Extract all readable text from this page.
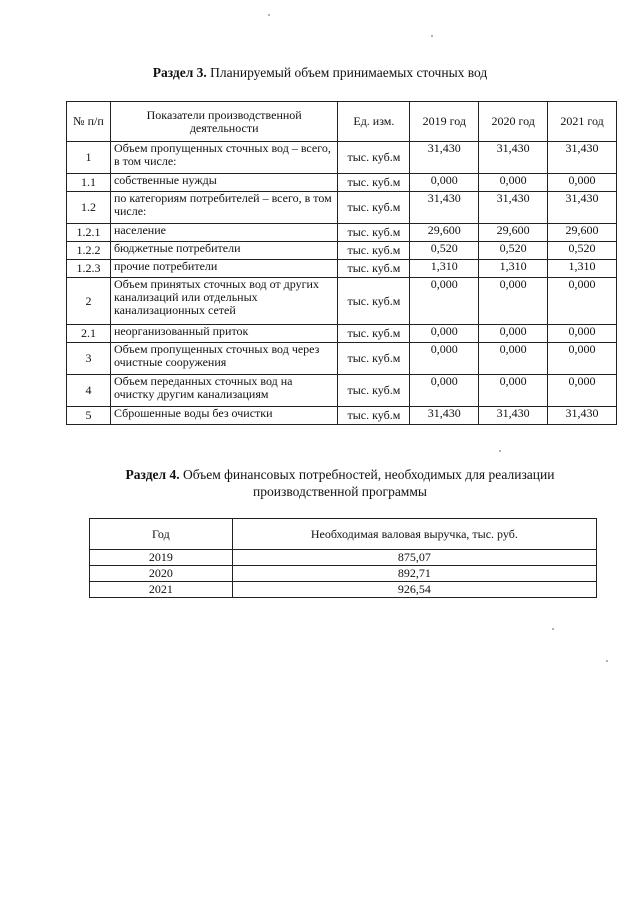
Раздел 3. Планируемый объем принимаемых сточных вод
№ п/п	Показатели производственной деятельности	Ед. изм.	2019 год	2020 год	2021 год
1	Объем пропущенных сточных вод – всего, в том числе:	тыс. куб.м	31,430	31,430	31,430
1.1	собственные нужды	тыс. куб.м	0,000	0,000	0,000
1.2	по категориям потребителей – всего, в том числе:	тыс. куб.м	31,430	31,430	31,430
1.2.1	население	тыс. куб.м	29,600	29,600	29,600
1.2.2	бюджетные потребители	тыс. куб.м	0,520	0,520	0,520
1.2.3	прочие потребители	тыс. куб.м	1,310	1,310	1,310
2	Объем принятых сточных вод от других канализаций или отдельных канализационных сетей	тыс. куб.м	0,000	0,000	0,000
2.1	неорганизованный приток	тыс. куб.м	0,000	0,000	0,000
3	Объем пропущенных сточных вод через очистные сооружения	тыс. куб.м	0,000	0,000	0,000
4	Объем переданных сточных вод на очистку другим канализациям	тыс. куб.м	0,000	0,000	0,000
5	Сброшенные воды без очистки	тыс. куб.м	31,430	31,430	31,430
Раздел 4. Объем финансовых потребностей, необходимых для реализации производственной программы
Год	Необходимая валовая выручка, тыс. руб.
2019	875,07
2020	892,71
2021	926,54
